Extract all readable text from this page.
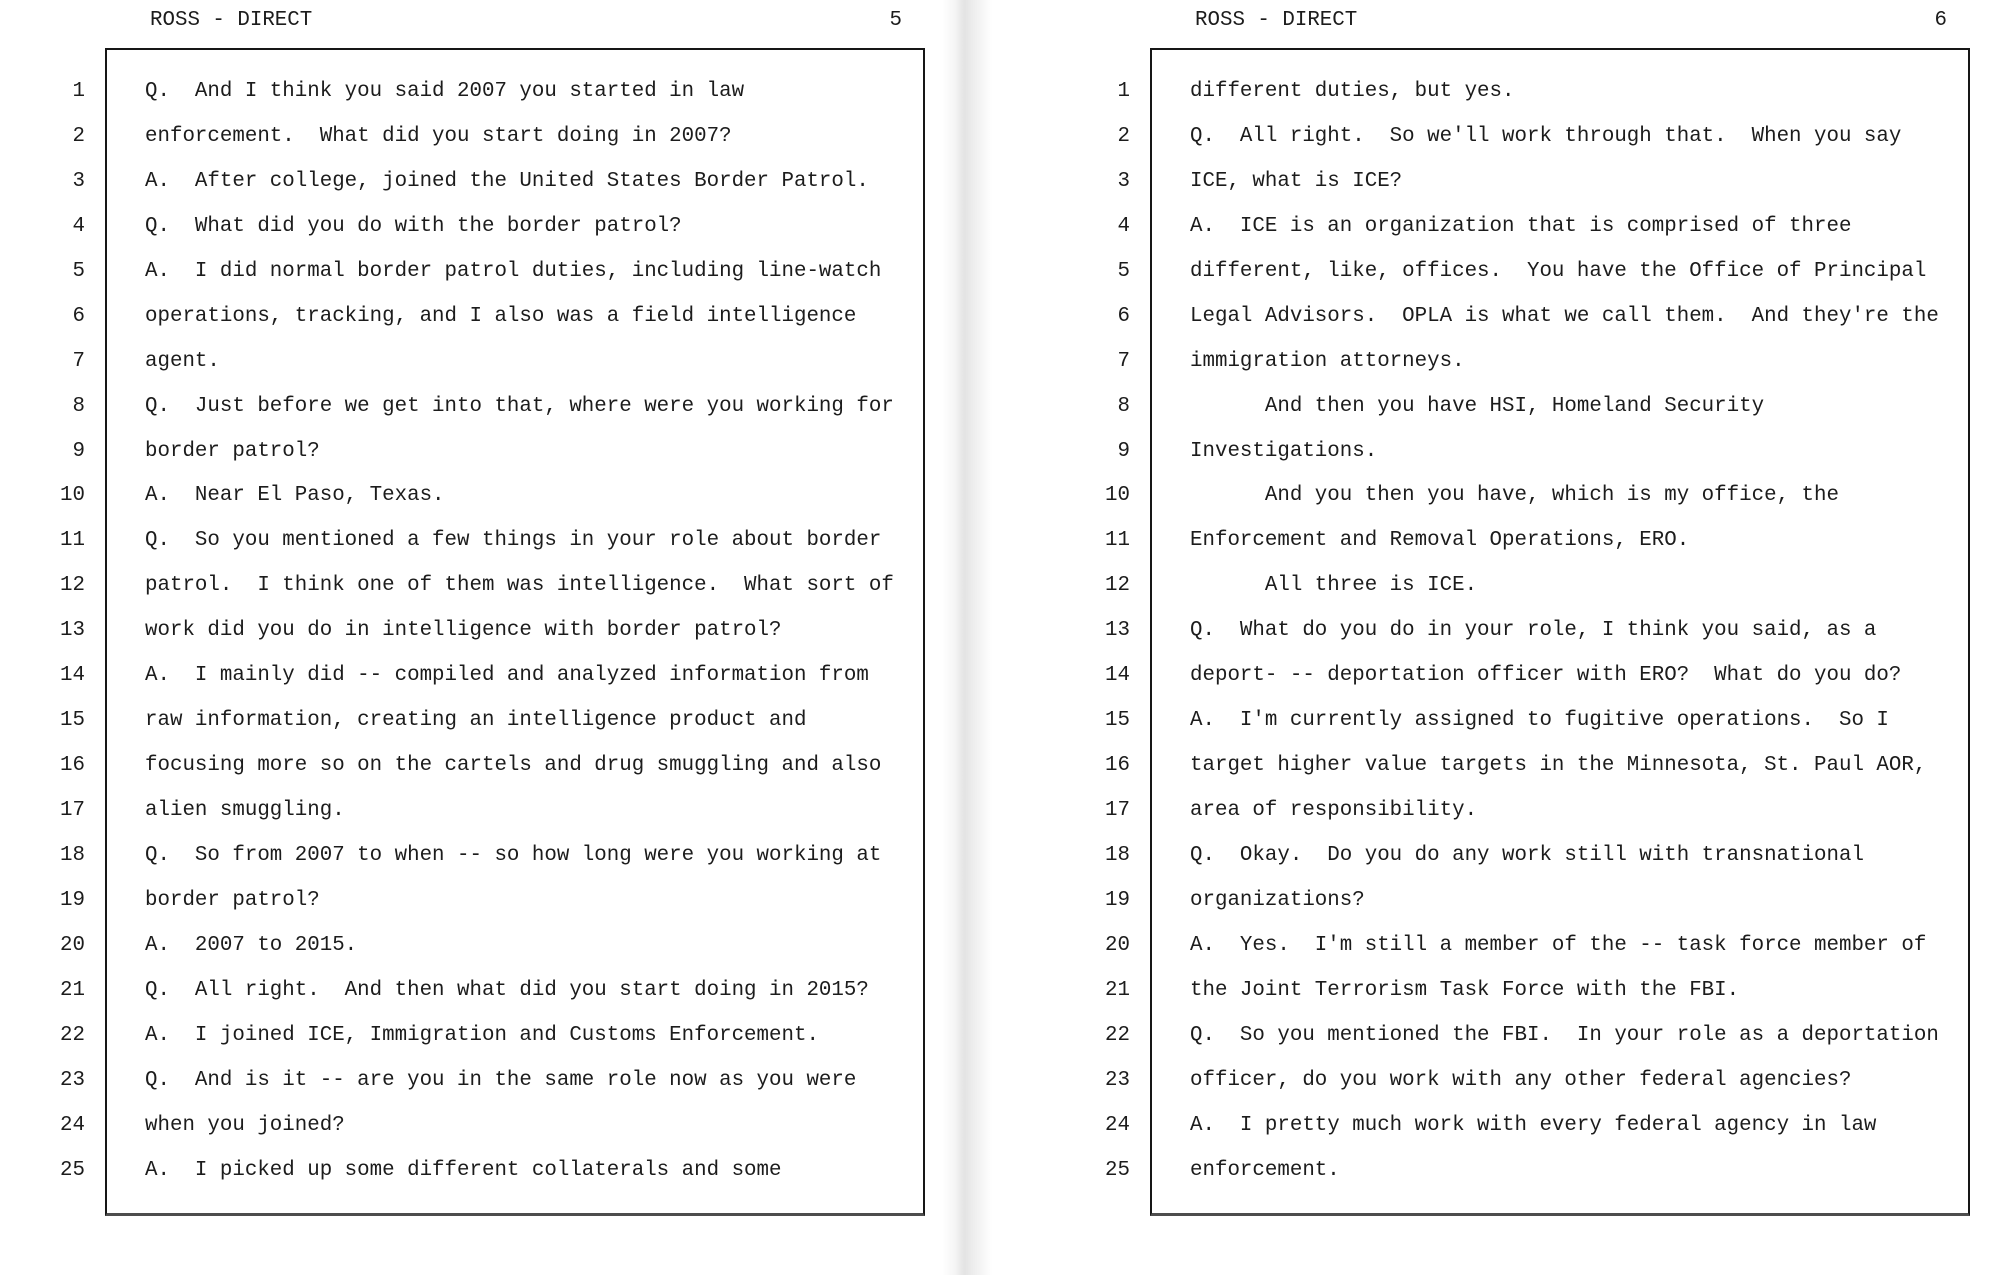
ROSS - DIRECT	5
1	Q.  And I think you said 2007 you started in law
2	enforcement.  What did you start doing in 2007?
3	A.  After college, joined the United States Border Patrol.
4	Q.  What did you do with the border patrol?
5	A.  I did normal border patrol duties, including line-watch
6	operations, tracking, and I also was a field intelligence
7	agent.
8	Q.  Just before we get into that, where were you working for
9	border patrol?
10	A.  Near El Paso, Texas.
11	Q.  So you mentioned a few things in your role about border
12	patrol.  I think one of them was intelligence.  What sort of
13	work did you do in intelligence with border patrol?
14	A.  I mainly did -- compiled and analyzed information from
15	raw information, creating an intelligence product and
16	focusing more so on the cartels and drug smuggling and also
17	alien smuggling.
18	Q.  So from 2007 to when -- so how long were you working at
19	border patrol?
20	A.  2007 to 2015.
21	Q.  All right.  And then what did you start doing in 2015?
22	A.  I joined ICE, Immigration and Customs Enforcement.
23	Q.  And is it -- are you in the same role now as you were
24	when you joined?
25	A.  I picked up some different collaterals and some
ROSS - DIRECT	6
1	different duties, but yes.
2	Q.  All right.  So we'll work through that.  When you say
3	ICE, what is ICE?
4	A.  ICE is an organization that is comprised of three
5	different, like, offices.  You have the Office of Principal
6	Legal Advisors.  OPLA is what we call them.  And they're the
7	immigration attorneys.
8	And then you have HSI, Homeland Security
9	Investigations.
10	And you then you have, which is my office, the
11	Enforcement and Removal Operations, ERO.
12	All three is ICE.
13	Q.  What do you do in your role, I think you said, as a
14	deport- -- deportation officer with ERO?  What do you do?
15	A.  I'm currently assigned to fugitive operations.  So I
16	target higher value targets in the Minnesota, St. Paul AOR,
17	area of responsibility.
18	Q.  Okay.  Do you do any work still with transnational
19	organizations?
20	A.  Yes.  I'm still a member of the -- task force member of
21	the Joint Terrorism Task Force with the FBI.
22	Q.  So you mentioned the FBI.  In your role as a deportation
23	officer, do you work with any other federal agencies?
24	A.  I pretty much work with every federal agency in law
25	enforcement.
